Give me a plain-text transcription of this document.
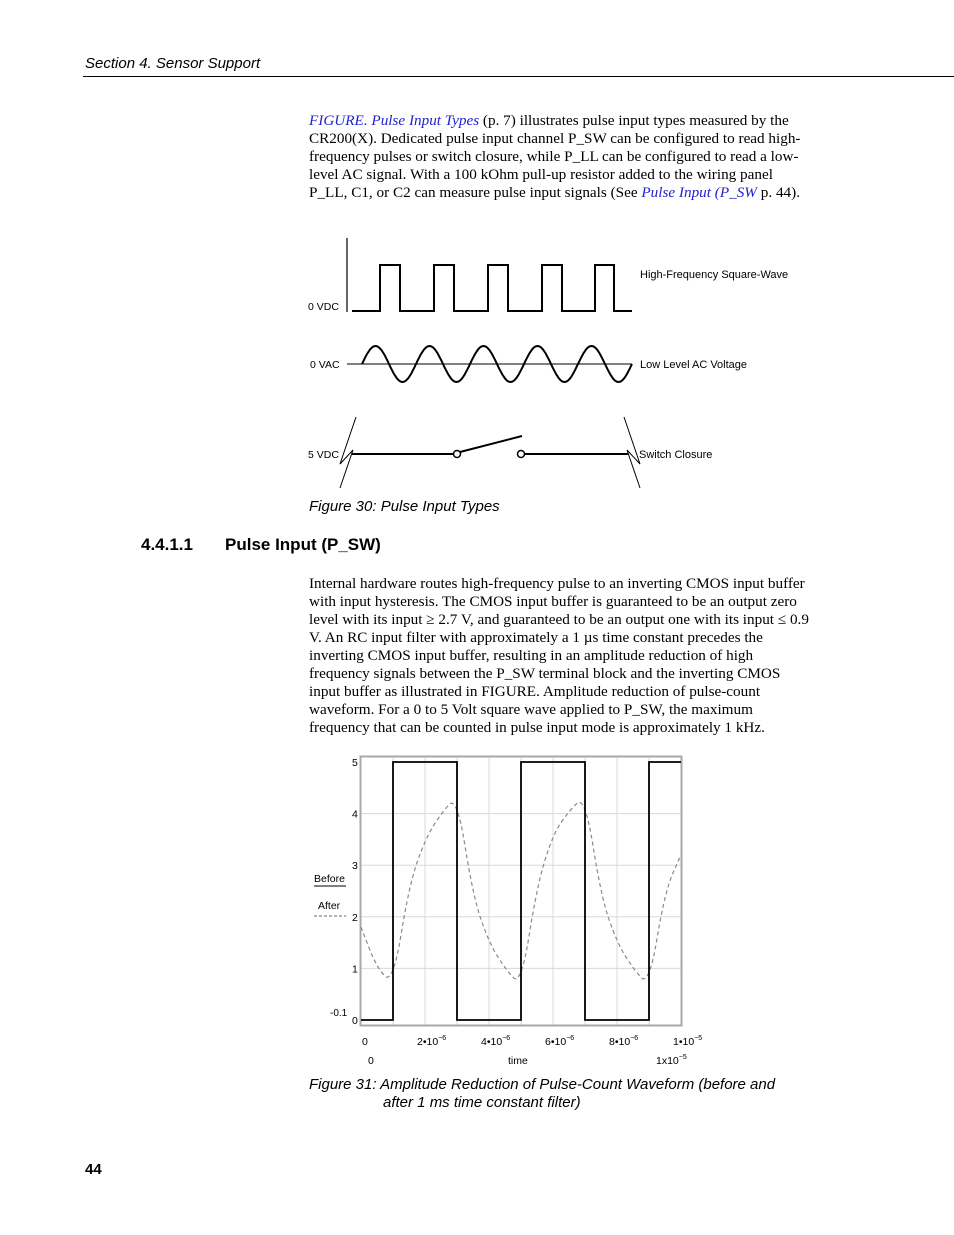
Section 4. Sensor Support

FIGURE. Pulse Input Types (p. 7) illustrates pulse input types measured by the CR200(X). Dedicated pulse input channel P_SW can be configured to read high- frequency pulses or switch closure, while P_LL can be configured to read a low-level AC signal. With a 100 kOhm pull-up resistor added to the wiring panel P_LL, C1, or C2 can measure pulse input signals (See Pulse Input (P_SW p. 44).

0 VDC
High-Frequency Square-Wave
0 VAC	Low Level AC Voltage
5 VDC	Switch Closure
Figure 30: Pulse Input Types
4.4.1.1 Pulse Input (P_SW)

Internal hardware routes high-frequency pulse to an inverting CMOS input buffer with input hysteresis. The CMOS input buffer is guaranteed to be an output zero level with its input ≥ 2.7 V, and guaranteed to be an output one with its input ≤ 0.9 V. An RC input filter with approximately a 1 µs time constant precedes the inverting CMOS input buffer, resulting in an amplitude reduction of high frequency signals between the P_SW terminal block and the inverting CMOS input buffer as illustrated in FIGURE. Amplitude reduction of pulse-count waveform. For a 0 to 5 Volt square wave applied to P_SW, the maximum frequency that can be counted in pulse input mode is approximately 1 kHz.

5
4
3
2
1
0
0	$2•10^{-6}$	$4•10^{-6}$	$6•10^{-6}$	$8•10^{-6}$	$1•10^{-5}$
-0.1
0	time	$1x10^{-5}$
Before
After
Figure 31: Amplitude Reduction of Pulse-Count Waveform (before and
after 1 ms time constant filter)
44
